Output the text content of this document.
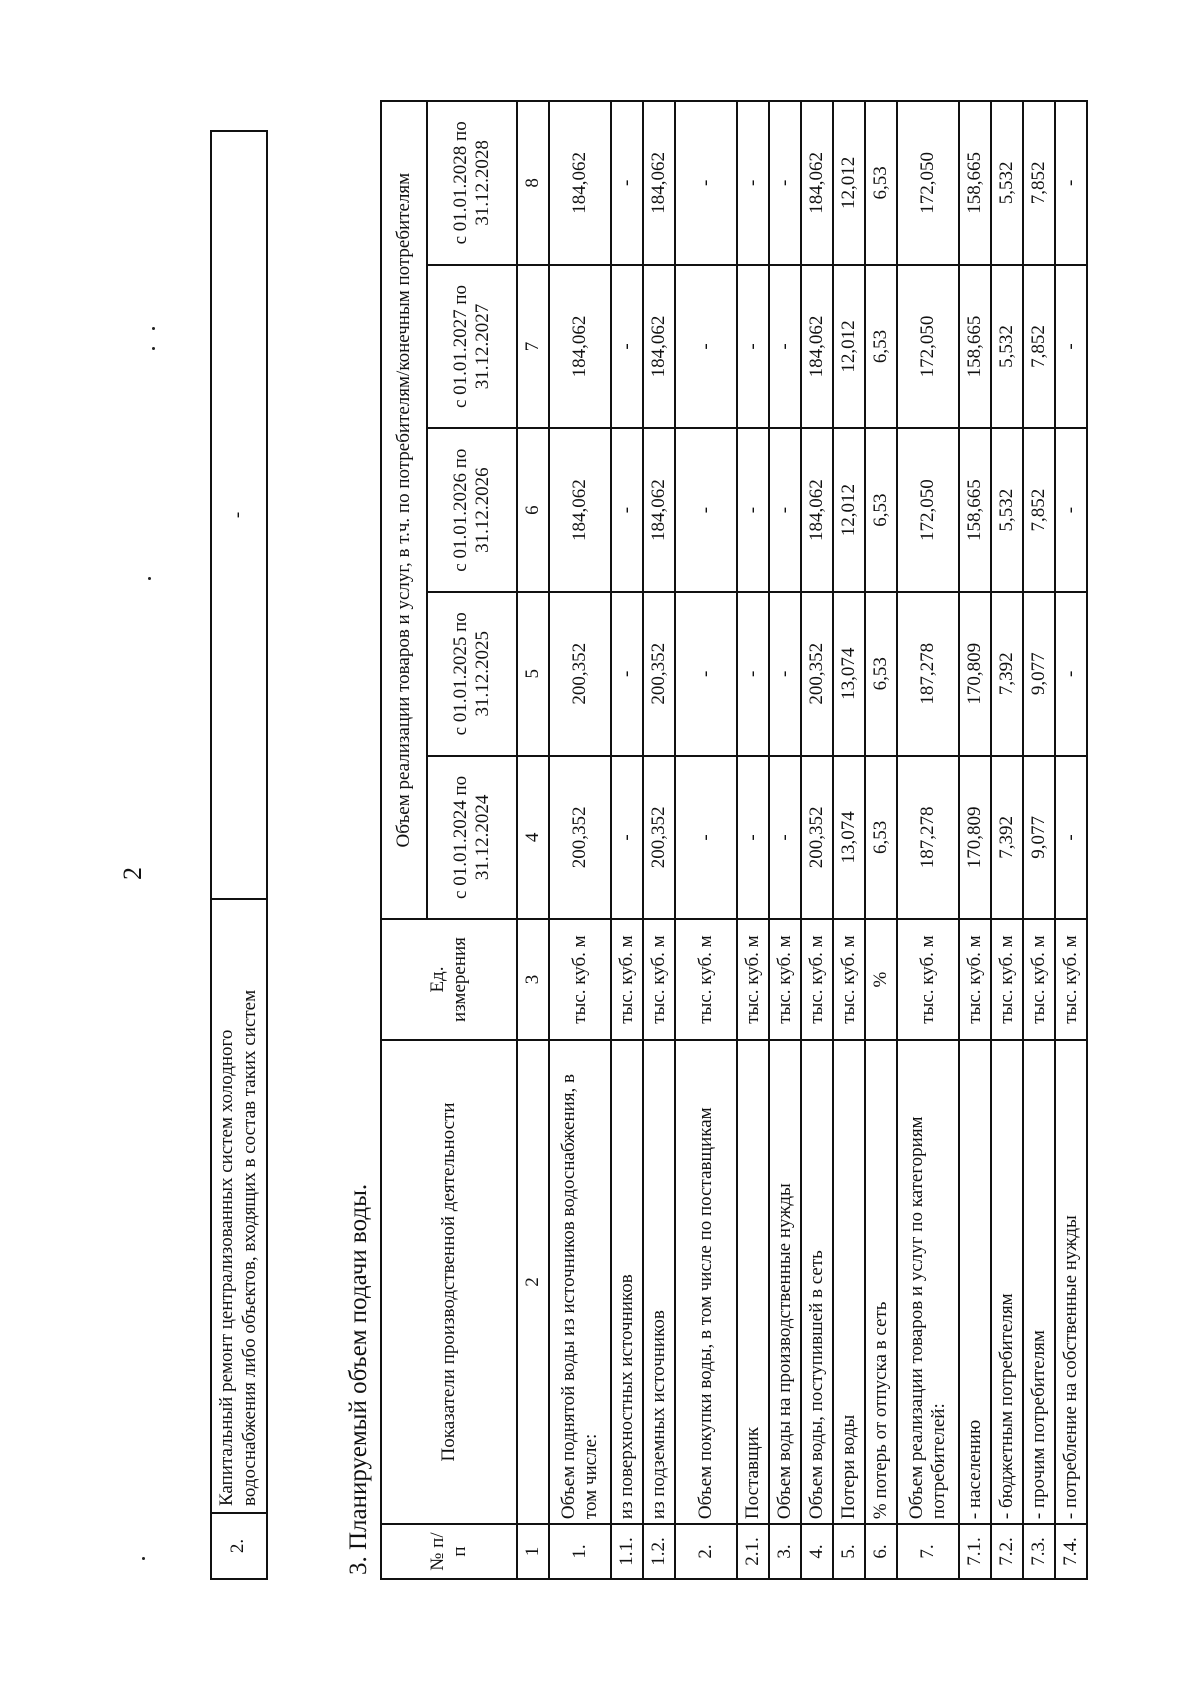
2
2.	Капитальный ремонт централизованных систем холодного водоснабжения либо объектов, входящих в состав таких систем	-
3. Планируемый объем подачи воды.	№ п/п	Показатели производственной деятельности	Ед. измерения	Объем реализации товаров и услуг, в т.ч. по потребителям/конечным потребителям				
			с 01.01.2024 по 31.12.2024	с 01.01.2025 по 31.12.2025	с 01.01.2026 по 31.12.2026	с 01.01.2027 по 31.12.2027	с 01.01.2028 по 31.12.2028
1	2	3	4	5	6	7	8
1.	Объем поднятой воды из источников водоснабжения, в том числе:	тыс. куб. м	200,352	200,352	184,062	184,062	184,062
1.1.	из поверхностных источников	тыс. куб. м	-	-	-	-	-
1.2.	из подземных источников	тыс. куб. м	200,352	200,352	184,062	184,062	184,062
2.	Объем покупки воды, в том числе по поставщикам	тыс. куб. м	-	-	-	-	-
2.1.	Поставщик	тыс. куб. м	-	-	-	-	-
3.	Объем воды на производственные нужды	тыс. куб. м	-	-	-	-	-
4.	Объем воды, поступившей в сеть	тыс. куб. м	200,352	200,352	184,062	184,062	184,062
5.	Потери воды	тыс. куб. м	13,074	13,074	12,012	12,012	12,012
6.	% потерь от отпуска в сеть	%	6,53	6,53	6,53	6,53	6,53
7.	Объем реализации товаров и услуг по категориям потребителей:	тыс. куб. м	187,278	187,278	172,050	172,050	172,050
7.1.	- населению	тыс. куб. м	170,809	170,809	158,665	158,665	158,665
7.2.	- бюджетным потребителям	тыс. куб. м	7,392	7,392	5,532	5,532	5,532
7.3.	- прочим потребителям	тыс. куб. м	9,077	9,077	7,852	7,852	7,852
7.4.	- потребление на собственные нужды	тыс. куб. м	-	-	-	-	-
